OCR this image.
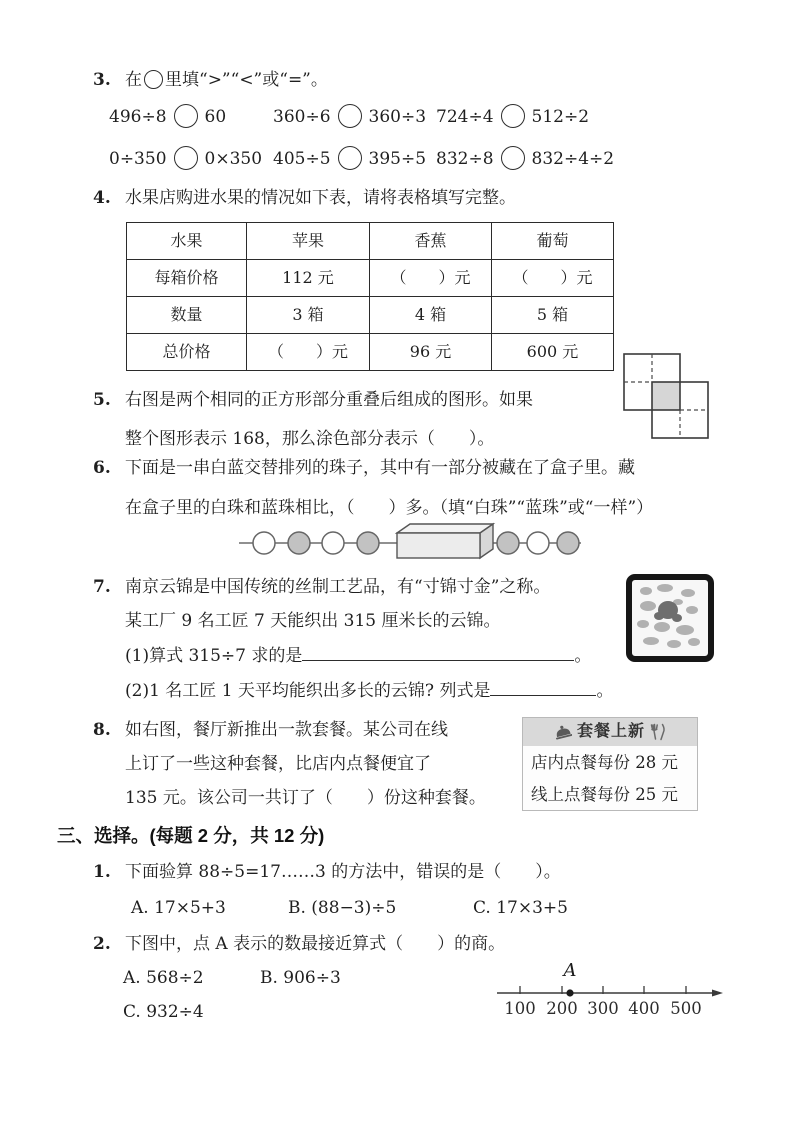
3. 在 里填“>”“<”或“=”。
496÷8 60	360÷6 360÷3 724÷4 512÷2
0÷350 0×350 405÷5 395÷5 832÷8 832÷4÷2
4. 水果店购进水果的情况如下表，请将表格填写完整。
水果	苹果	香蕉	葡萄
每箱价格	112 元	（　　）元	（　　）元
数量	3 箱	4 箱	5 箱
总价格	（　　）元	96 元	600 元
5. 右图是两个相同的正方形部分重叠后组成的图形。如果
整个图形表示 168，那么涂色部分表示（　　）。
6. 下面是一串白蓝交替排列的珠子，其中有一部分被藏在了盒子里。藏
在盒子里的白珠和蓝珠相比，（　　）多。（填“白珠”“蓝珠”或“一样”）
7. 南京云锦是中国传统的丝制工艺品，有“寸锦寸金”之称。
某工厂 9 名工匠 7 天能织出 315 厘米长的云锦。
(1)算式 315÷7 求的是	。
(2)1 名工匠 1 天平均能织出多长的云锦? 列式是	。
8. 如右图，餐厅新推出一款套餐。某公司在线
上订了一些这种套餐，比店内点餐便宜了
135 元。该公司一共订了（　　）份这种套餐。
套餐上新
店内点餐每份 28 元
线上点餐每份 25 元
三、选择。(每题 2 分，共 12 分)
1. 下面验算 88÷5=17……3 的方法中，错误的是（　　）。
A. 17×5+3	B. (88−3)÷5	C. 17×3+5
2. 下图中，点 A 表示的数最接近算式（　　）的商。
A. 568÷2	B. 906÷3
C. 932÷4	100 200 300 400 500
A
